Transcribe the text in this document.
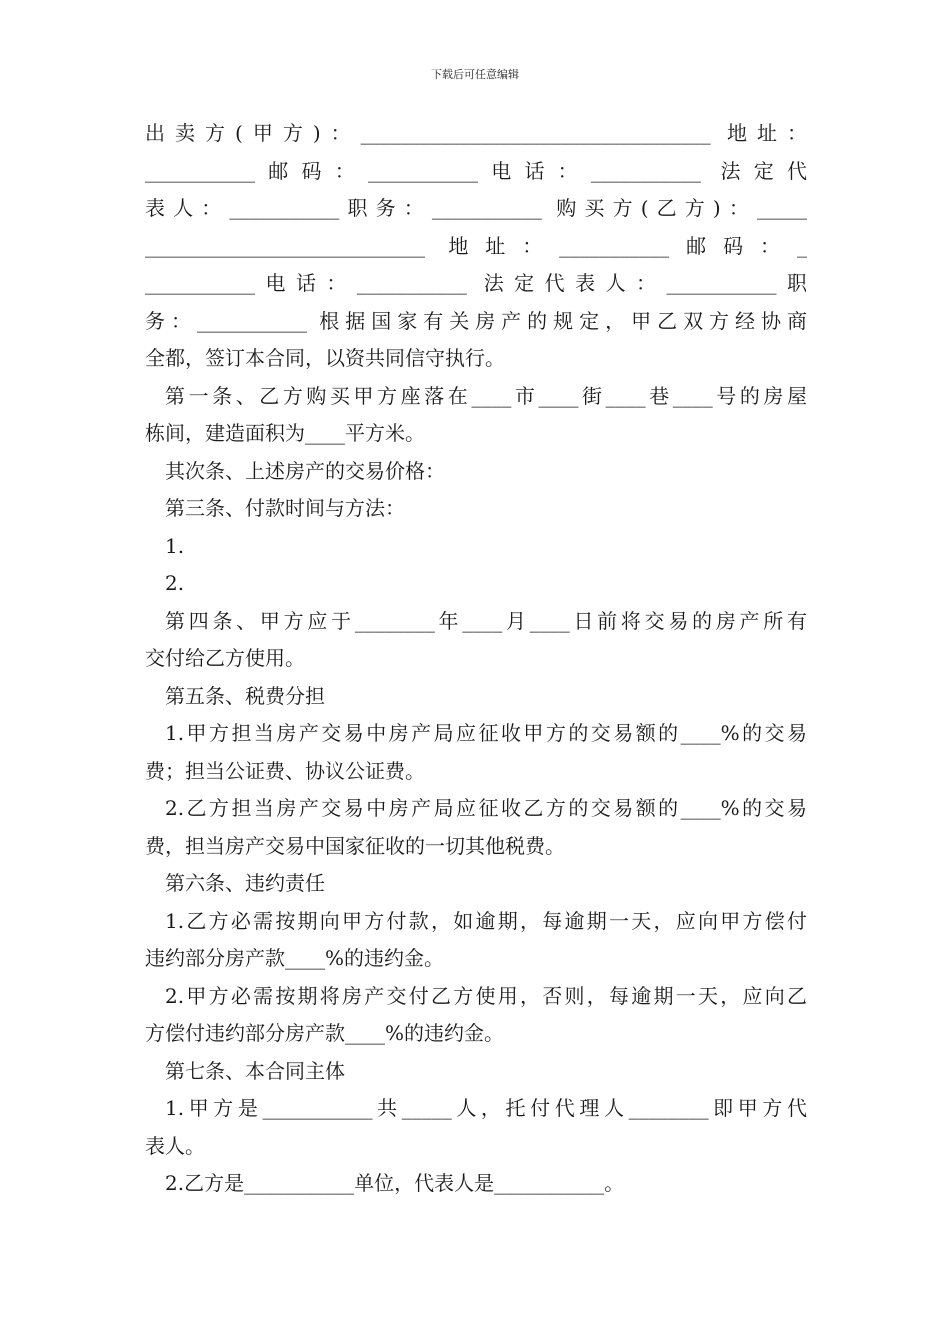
下载后可任意编辑
出卖方(甲方)：___________________________________ 地址：
___________邮码：___________电话：___________ 法定代
表人：___________职务：___________ 购买方(乙方)：_____
____________________________ 地址：___________邮码：_
___________电话：___________ 法定代表人：___________职
务：___________ 根据国家有关房产的规定，甲乙双方经协商
全都，签订本合同，以资共同信守执行。
第一条、乙方购买甲方座落在____市____街____巷____号的房屋
栋间，建造面积为____平方米。
其次条、上述房产的交易价格：
第三条、付款时间与方法：
1.
2.
第四条、甲方应于________年____月____日前将交易的房产所有
交付给乙方使用。
第五条、税费分担
1.甲方担当房产交易中房产局应征收甲方的交易额的____%的交易
费；担当公证费、协议公证费。
2.乙方担当房产交易中房产局应征收乙方的交易额的____%的交易
费，担当房产交易中国家征收的一切其他税费。
第六条、违约责任
1.乙方必需按期向甲方付款，如逾期，每逾期一天，应向甲方偿付
违约部分房产款____%的违约金。
2.甲方必需按期将房产交付乙方使用，否则，每逾期一天，应向乙
方偿付违约部分房产款____%的违约金。
第七条、本合同主体
1.甲方是___________共_____人，托付代理人________即甲方代
表人。
2.乙方是___________单位，代表人是___________。
